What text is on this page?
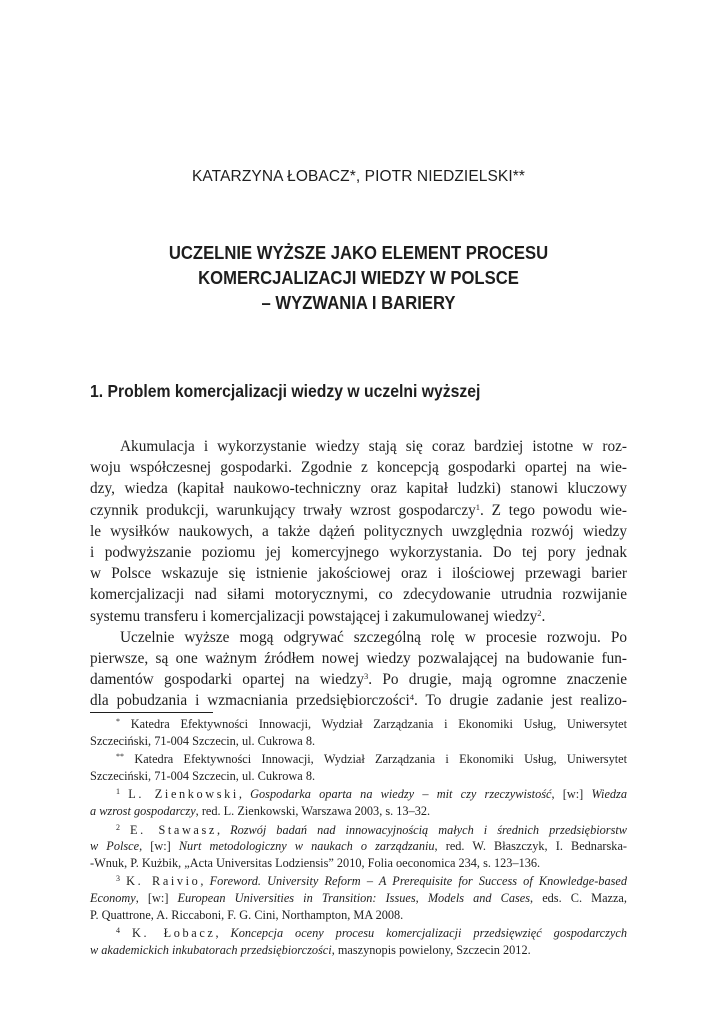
KATARZYNA ŁOBACZ*, PIOTR NIEDZIELSKI**
UCZELNIE WYŻSZE JAKO ELEMENT PROCESU
KOMERCJALIZACJI WIEDZY W POLSCE
– WYZWANIA I BARIERY
1. Problem komercjalizacji wiedzy w uczelni wyższej
Akumulacja i wykorzystanie wiedzy stają się coraz bardziej istotne w roz-
woju współczesnej gospodarki. Zgodnie z koncepcją gospodarki opartej na wie-
dzy, wiedza (kapitał naukowo-techniczny oraz kapitał ludzki) stanowi kluczowy
czynnik produkcji, warunkujący trwały wzrost gospodarczy$^1$. Z tego powodu wie-
le wysiłków naukowych, a także dążeń politycznych uwzględnia rozwój wiedzy
i podwyższanie poziomu jej komercyjnego wykorzystania. Do tej pory jednak
w Polsce wskazuje się istnienie jakościowej oraz i ilościowej przewagi barier
komercjalizacji nad siłami motorycznymi, co zdecydowanie utrudnia rozwijanie
systemu transferu i komercjalizacji powstającej i zakumulowanej wiedzy$^2$.
Uczelnie wyższe mogą odgrywać szczególną rolę w procesie rozwoju. Po
pierwsze, są one ważnym źródłem nowej wiedzy pozwalającej na budowanie fun-
damentów gospodarki opartej na wiedzy$^3$. Po drugie, mają ogromne znaczenie
dla pobudzania i wzmacniania przedsiębiorczości$^4$. To drugie zadanie jest realizo-
* Katedra Efektywności Innowacji, Wydział Zarządzania i Ekonomiki Usług, Uniwersytet
Szczeciński, 71-004 Szczecin, ul. Cukrowa 8.
** Katedra Efektywności Innowacji, Wydział Zarządzania i Ekonomiki Usług, Uniwersytet
Szczeciński, 71-004 Szczecin, ul. Cukrowa 8.
$^1$ L. Zienkowski, Gospodarka oparta na wiedzy – mit czy rzeczywistość, [w:] Wiedza
a wzrost gospodarczy, red. L. Zienkowski, Warszawa 2003, s. 13–32.
$^2$ E. Stawasz, Rozwój badań nad innowacyjnością małych i średnich przedsiębiorstw
w Polsce, [w:] Nurt metodologiczny w naukach o zarządzaniu, red. W. Błaszczyk, I. Bednarska-
-Wnuk, P. Kużbik, „Acta Universitas Lodziensis” 2010, Folia oeconomica 234, s. 123–136.
$^3$ K. Raivio, Foreword. University Reform – A Prerequisite for Success of Knowledge-based
Economy, [w:] European Universities in Transition: Issues, Models and Cases, eds. C. Mazza,
P. Quattrone, A. Riccaboni, F. G. Cini, Northampton, MA 2008.
$^4$ K. Łobacz, Koncepcja oceny procesu komercjalizacji przedsięwzięć gospodarczych
w akademickich inkubatorach przedsiębiorczości, maszynopis powielony, Szczecin 2012.
